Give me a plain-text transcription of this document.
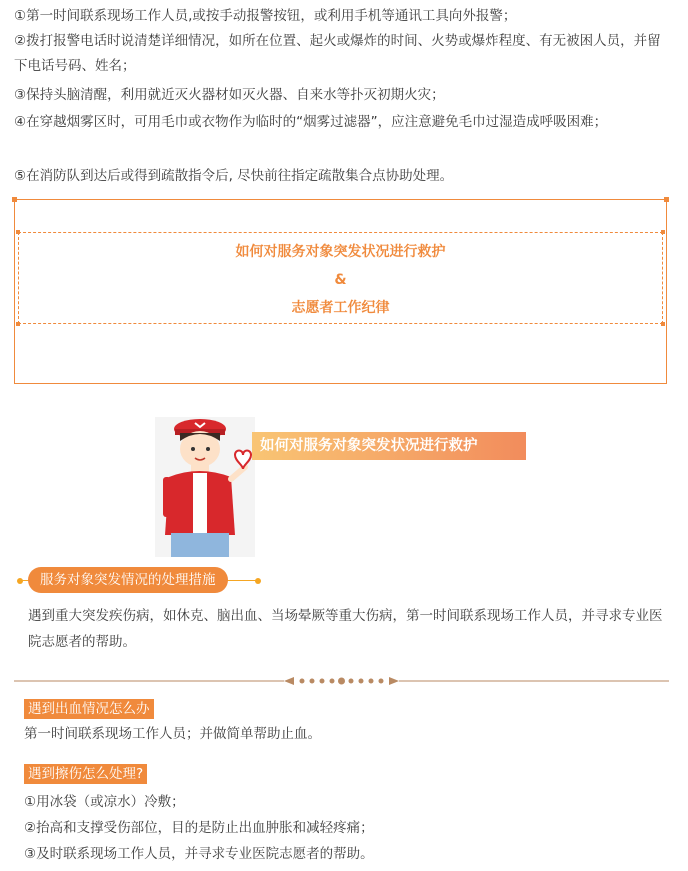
①第一时间联系现场工作人员,或按手动报警按钮，或利用手机等通讯工具向外报警；

②拨打报警电话时说清楚详细情况，如所在位置、起火或爆炸的时间、火势或爆炸程度、有无被困人员，并留下电话号码、姓名；

③保持头脑清醒，利用就近灭火器材如灭火器、自来水等扑灭初期火灾；

④在穿越烟雾区时，可用毛巾或衣物作为临时的“烟雾过滤器”，应注意避免毛巾过湿造成呼吸困难；

⑤在消防队到达后或得到疏散指令后, 尽快前往指定疏散集合点协助处理。

如何对服务对象突发状况进行救护
&
志愿者工作纪律
如何对服务对象突发状况进行救护
服务对象突发情况的处理措施
遇到重大突发疾伤病，如休克、脑出血、当场晕厥等重大伤病，第一时间联系现场工作人员，并寻求专业医院志愿者的帮助。
遇到出血情况怎么办
第一时间联系现场工作人员；并做简单帮助止血。
遇到擦伤怎么处理?
①用冰袋（或凉水）冷敷；
②抬高和支撑受伤部位，目的是防止出血肿胀和减轻疼痛；
③及时联系现场工作人员，并寻求专业医院志愿者的帮助。
